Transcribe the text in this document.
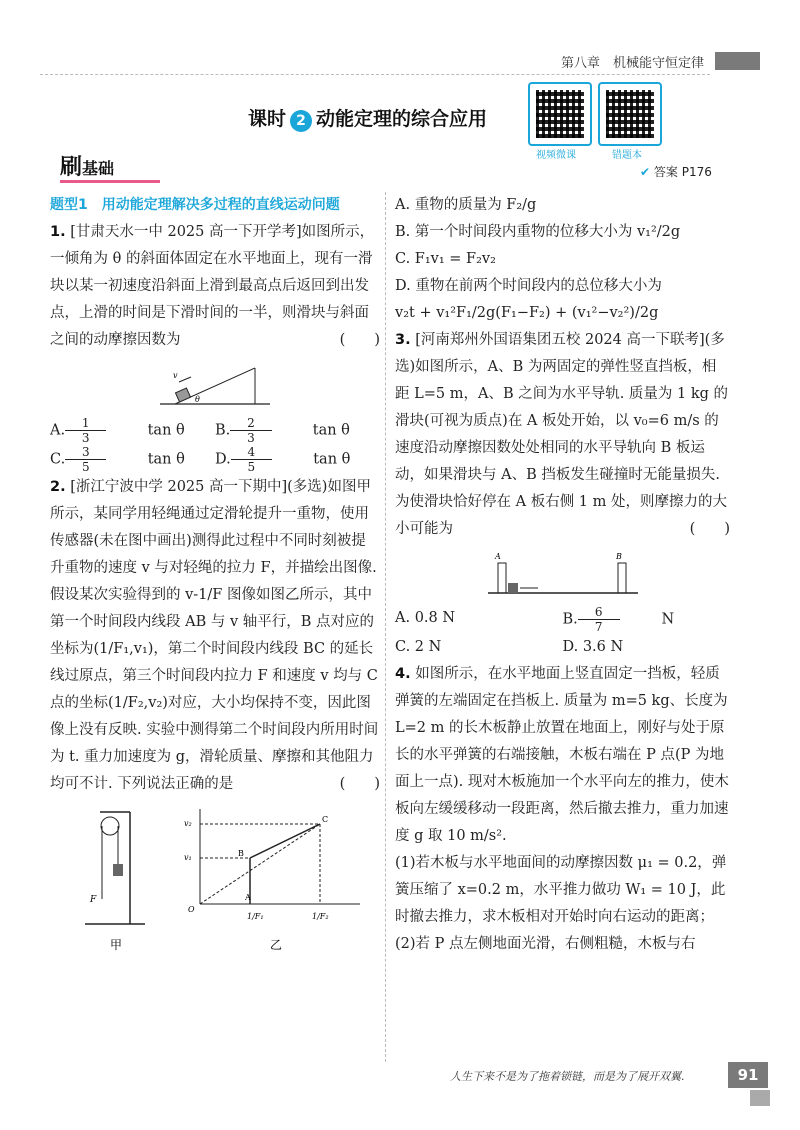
第八章　机械能守恒定律
课时 2 动能定理的综合应用
视频微课	错题本
刷基础	✔ 答案 P176
题型1　用动能定理解决多过程的直线运动问题
1. [甘肃天水一中 2025 高一下开学考]如图所示，一倾角为 θ 的斜面体固定在水平地面上，现有一滑块以某一初速度沿斜面上滑到最高点后返回到出发点，上滑的时间是下滑时间的一半，则滑块与斜面之间的动摩擦因数为	(　　)
v
θ
A. $\frac{1}{3}$ tan θ	B. $\frac{2}{3}$ tan θ
C. $\frac{3}{5}$ tan θ	D. $\frac{4}{5}$ tan θ
2. [浙江宁波中学 2025 高一下期中](多选)如图甲所示，某同学用轻绳通过定滑轮提升一重物，使用传感器(未在图中画出)测得此过程中不同时刻被提升重物的速度 v 与对轻绳的拉力 F，并描绘出图像. 假设某次实验得到的 v-1/F 图像如图乙所示，其中第一个时间段内线段 AB 与 v 轴平行，B 点对应的坐标为(1/F₁,v₁)，第二个时间段内线段 BC 的延长线过原点，第三个时间段内拉力 F 和速度 v 均与 C 点的坐标(1/F₂,v₂)对应，大小均保持不变，因此图像上没有反映. 实验中测得第二个时间段内所用时间为 t. 重力加速度为 g，滑轮质量、摩擦和其他阻力均可不计. 下列说法正确的是	(　　)
F
甲
O
A
B
C
1/F₁	1/F₂
v₁
v₂
乙
A. 重物的质量为 F₂/g
B. 第一个时间段内重物的位移大小为 v₁²/2g
C. F₁v₁ = F₂v₂
D. 重物在前两个时间段内的总位移大小为
v₂t + v₁²F₁/2g(F₁−F₂) + (v₁²−v₂²)/2g
3. [河南郑州外国语集团五校 2024 高一下联考](多选)如图所示，A、B 为两固定的弹性竖直挡板，相距 L=5 m，A、B 之间为水平导轨. 质量为 1 kg 的滑块(可视为质点)在 A 板处开始，以 v₀=6 m/s 的速度沿动摩擦因数处处相同的水平导轨向 B 板运动，如果滑块与 A、B 挡板发生碰撞时无能量损失. 为使滑块恰好停在 A 板右侧 1 m 处，则摩擦力的大小可能为	(　　)
A	B
A. 0.8 N	B. $\frac{6}{7}$ N
C. 2 N	D. 3.6 N
4. 如图所示，在水平地面上竖直固定一挡板，轻质弹簧的左端固定在挡板上. 质量为 m=5 kg、长度为 L=2 m 的长木板静止放置在地面上，刚好与处于原长的水平弹簧的右端接触，木板右端在 P 点(P 为地面上一点). 现对木板施加一个水平向左的推力，使木板向左缓缓移动一段距离，然后撤去推力，重力加速度 g 取 10 m/s².
(1)若木板与水平地面间的动摩擦因数 μ₁ = 0.2，弹簧压缩了 x=0.2 m，水平推力做功 W₁ = 10 J，此时撤去推力，求木板相对开始时向右运动的距离；
(2)若 P 点左侧地面光滑，右侧粗糙，木板与右
人生下来不是为了拖着锁链，而是为了展开双翼.	91
